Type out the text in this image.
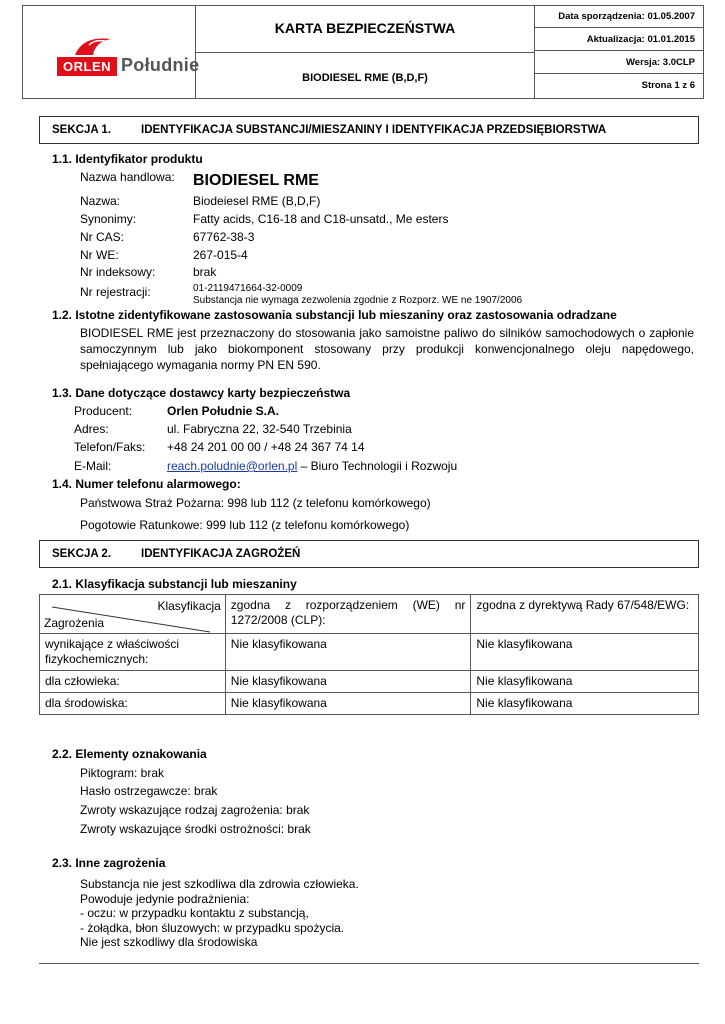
ORLEN Południe
KARTA BEZPIECZEŃSTWA
BIODIESEL RME (B,D,F)
Data sporządzenia: 01.05.2007
Aktualizacja: 01.01.2015
Wersja: 3.0CLP
Strona 1 z 6
SEKCJA 1.	IDENTYFIKACJA SUBSTANCJI/MIESZANINY I IDENTYFIKACJA PRZEDSIĘBIORSTWA
1.1. Identyfikator produktu
Nazwa handlowa: BIODIESEL RME
Nazwa:	Biodeiesel RME (B,D,F)
Synonimy:	Fatty acids, C16-18 and C18-unsatd., Me esters
Nr CAS:	67762-38-3
Nr WE:	267-015-4
Nr indeksowy:	brak
Nr rejestracji:	01-2119471664-32-0009
Substancja nie wymaga zezwolenia zgodnie z Rozporz. WE ne 1907/2006
1.2. Istotne zidentyfikowane zastosowania substancji lub mieszaniny oraz zastosowania odradzane
BIODIESEL RME jest przeznaczony do stosowania jako samoistne paliwo do silników samochodowych o zapłonie samoczynnym lub jako biokomponent stosowany przy produkcji konwencjonalnego oleju napędowego, spełniającego wymagania normy PN EN 590.
1.3. Dane dotyczące dostawcy karty bezpieczeństwa
Producent:	Orlen Południe S.A.
Adres:	ul. Fabryczna 22, 32-540 Trzebinia
Telefon/Faks: +48 24 201 00 00 / +48 24 367 74 14
E-Mail:	reach.poludnie@orlen.pl – Biuro Technologii i Rozwoju
1.4. Numer telefonu alarmowego:
Państwowa Straż Pożarna: 998 lub 112 (z telefonu komórkowego)
Pogotowie Ratunkowe: 999 lub 112 (z telefonu komórkowego)
SEKCJA 2.	IDENTYFIKACJA ZAGROŻEŃ
2.1. Klasyfikacja substancji lub mieszaniny
Klasyfikacja
Zagrożenia	zgodna z rozporządzeniem (WE) nr 1272/2008 (CLP):	zgodna z dyrektywą Rady 67/548/EWG:
wynikające z właściwości fizykochemicznych:	Nie klasyfikowana	Nie klasyfikowana
dla człowieka:	Nie klasyfikowana	Nie klasyfikowana
dla środowiska:	Nie klasyfikowana	Nie klasyfikowana
2.2. Elementy oznakowania
Piktogram: brak
Hasło ostrzegawcze: brak
Zwroty wskazujące rodzaj zagrożenia: brak
Zwroty wskazujące środki ostrożności: brak
2.3. Inne zagrożenia
Substancja nie jest szkodliwa dla zdrowia człowieka.
Powoduje jedynie podrażnienia:
- oczu: w przypadku kontaktu z substancją,
- żołądka, błon śluzowych: w przypadku spożycia.
Nie jest szkodliwy dla środowiska
